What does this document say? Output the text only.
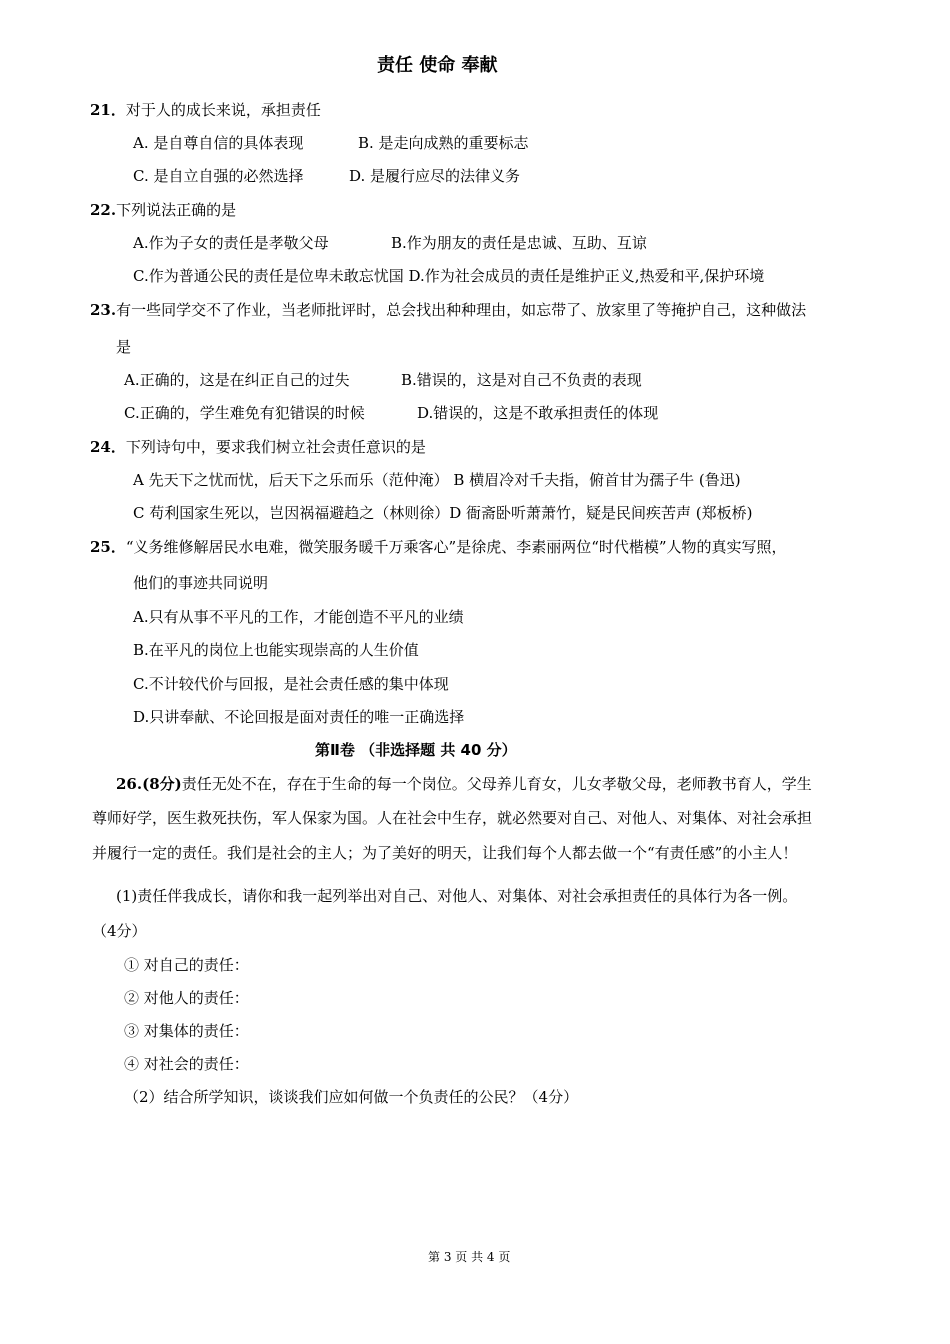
责任 使命 奉献
21．对于人的成长来说，承担责任
A. 是自尊自信的具体表现	B. 是走向成熟的重要标志
C. 是自立自强的必然选择	D. 是履行应尽的法律义务
22.下列说法正确的是
A.作为子女的责任是孝敬父母	B.作为朋友的责任是忠诚、互助、互谅
C.作为普通公民的责任是位卑未敢忘忧国 D.作为社会成员的责任是维护正义,热爱和平,保护环境
23.有一些同学交不了作业，当老师批评时，总会找出种种理由，如忘带了、放家里了等掩护自己，这种做法
是
A.正确的，这是在纠正自己的过失	B.错误的，这是对自己不负责的表现
C.正确的，学生难免有犯错误的时候	D.错误的，这是不敢承担责任的体现
24．下列诗句中，要求我们树立社会责任意识的是
A 先天下之忧而忧，后天下之乐而乐（范仲淹） B 横眉冷对千夫指，俯首甘为孺子牛 (鲁迅)
C 苟利国家生死以，岂因祸福避趋之（林则徐）D 衙斋卧听萧萧竹，疑是民间疾苦声 (郑板桥)
25．“义务维修解居民水电难，微笑服务暖千万乘客心”是徐虎、李素丽两位“时代楷模”人物的真实写照，
他们的事迹共同说明
A.只有从事不平凡的工作，才能创造不平凡的业绩
B.在平凡的岗位上也能实现崇高的人生价值
C.不计较代价与回报，是社会责任感的集中体现
D.只讲奉献、不论回报是面对责任的唯一正确选择
第Ⅱ卷 （非选择题 共 40 分）
26.(8分)责任无处不在，存在于生命的每一个岗位。父母养儿育女，儿女孝敬父母，老师教书育人，学生
尊师好学，医生救死扶伤，军人保家为国。人在社会中生存，就必然要对自己、对他人、对集体、对社会承担
并履行一定的责任。我们是社会的主人；为了美好的明天，让我们每个人都去做一个“有责任感”的小主人！
(1)责任伴我成长，请你和我一起列举出对自己、对他人、对集体、对社会承担责任的具体行为各一例。
（4分）
① 对自己的责任：
② 对他人的责任：
③ 对集体的责任：
④ 对社会的责任：
（2）结合所学知识，谈谈我们应如何做一个负责任的公民？（4分）
第 3 页 共 4 页
